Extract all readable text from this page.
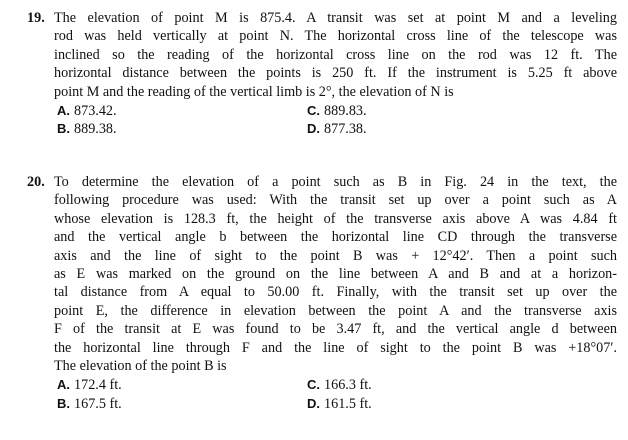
19. The elevation of point M is 875.4. A transit was set at point M and a leveling
rod was held vertically at point N. The horizontal cross line of the telescope was
inclined so the reading of the horizontal cross line on the rod was 12 ft. The
horizontal distance between the points is 250 ft. If the instrument is 5.25 ft above
point M and the reading of the vertical limb is 2°, the elevation of N is
A. 873.42.	C. 889.83.
B. 889.38.	D. 877.38.
20. To determine the elevation of a point such as B in Fig. 24 in the text, the
following procedure was used: With the transit set up over a point such as A
whose elevation is 128.3 ft, the height of the transverse axis above A was 4.84 ft
and the vertical angle b between the horizontal line CD through the transverse
axis and the line of sight to the point B was + 12°42′. Then a point such
as E was marked on the ground on the line between A and B and at a horizon-
tal distance from A equal to 50.00 ft. Finally, with the transit set up over the
point E, the difference in elevation between the point A and the transverse axis
F of the transit at E was found to be 3.47 ft, and the vertical angle d between
the horizontal line through F and the line of sight to the point B was +18°07′.
The elevation of the point B is
A. 172.4 ft.	C. 166.3 ft.
B. 167.5 ft.	D. 161.5 ft.
